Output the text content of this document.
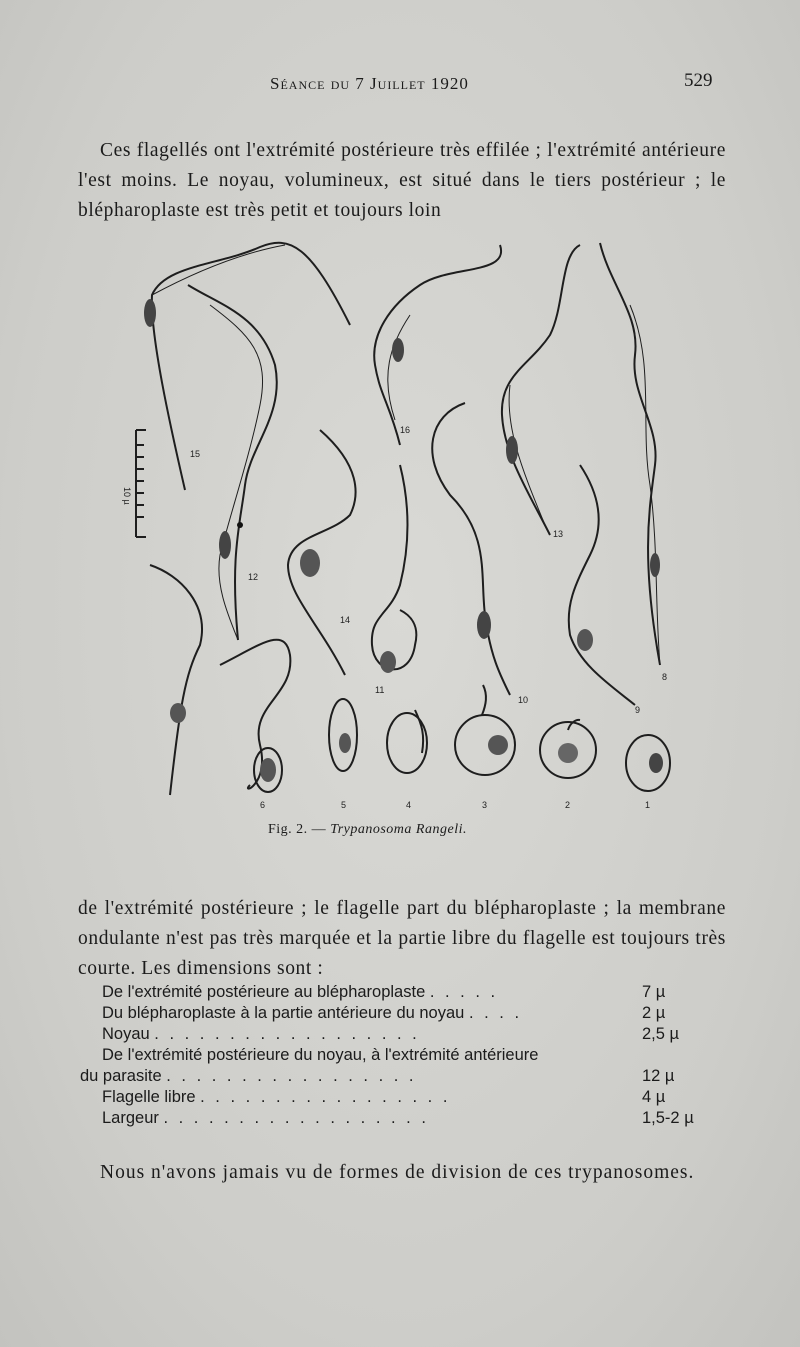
Séance du 7 Juillet 1920	529

Ces flagellés ont l'extrémité postérieure très effilée ; l'extrémité antérieure l'est moins. Le noyau, volumineux, est situé dans le tiers postérieur ; le blépharoplaste est très petit et toujours loin

15
16
12
13
14
11
10
8
9
6	5	4	3	2	1
10 µ
Fig. 2. — Trypanosoma Rangeli.

de l'extrémité postérieure ; le flagelle part du blépharoplaste ; la membrane ondulante n'est pas très marquée et la partie libre du flagelle est toujours très courte. Les dimensions sont :

De l'extrémité postérieure au blépharoplaste . . . . .	7 µ
Du blépharoplaste à la partie antérieure du noyau . . . .	2 µ
Noyau . . . . . . . . . . . . . . . . . .	2,5 µ
De l'extrémité postérieure du noyau, à l'extrémité antérieure
du parasite . . . . . . . . . . . . . . . . .	12 µ
Flagelle libre . . . . . . . . . . . . . . . . .	4 µ
Largeur . . . . . . . . . . . . . . . . . .	1,5-2 µ

Nous n'avons jamais vu de formes de division de ces trypanosomes.
